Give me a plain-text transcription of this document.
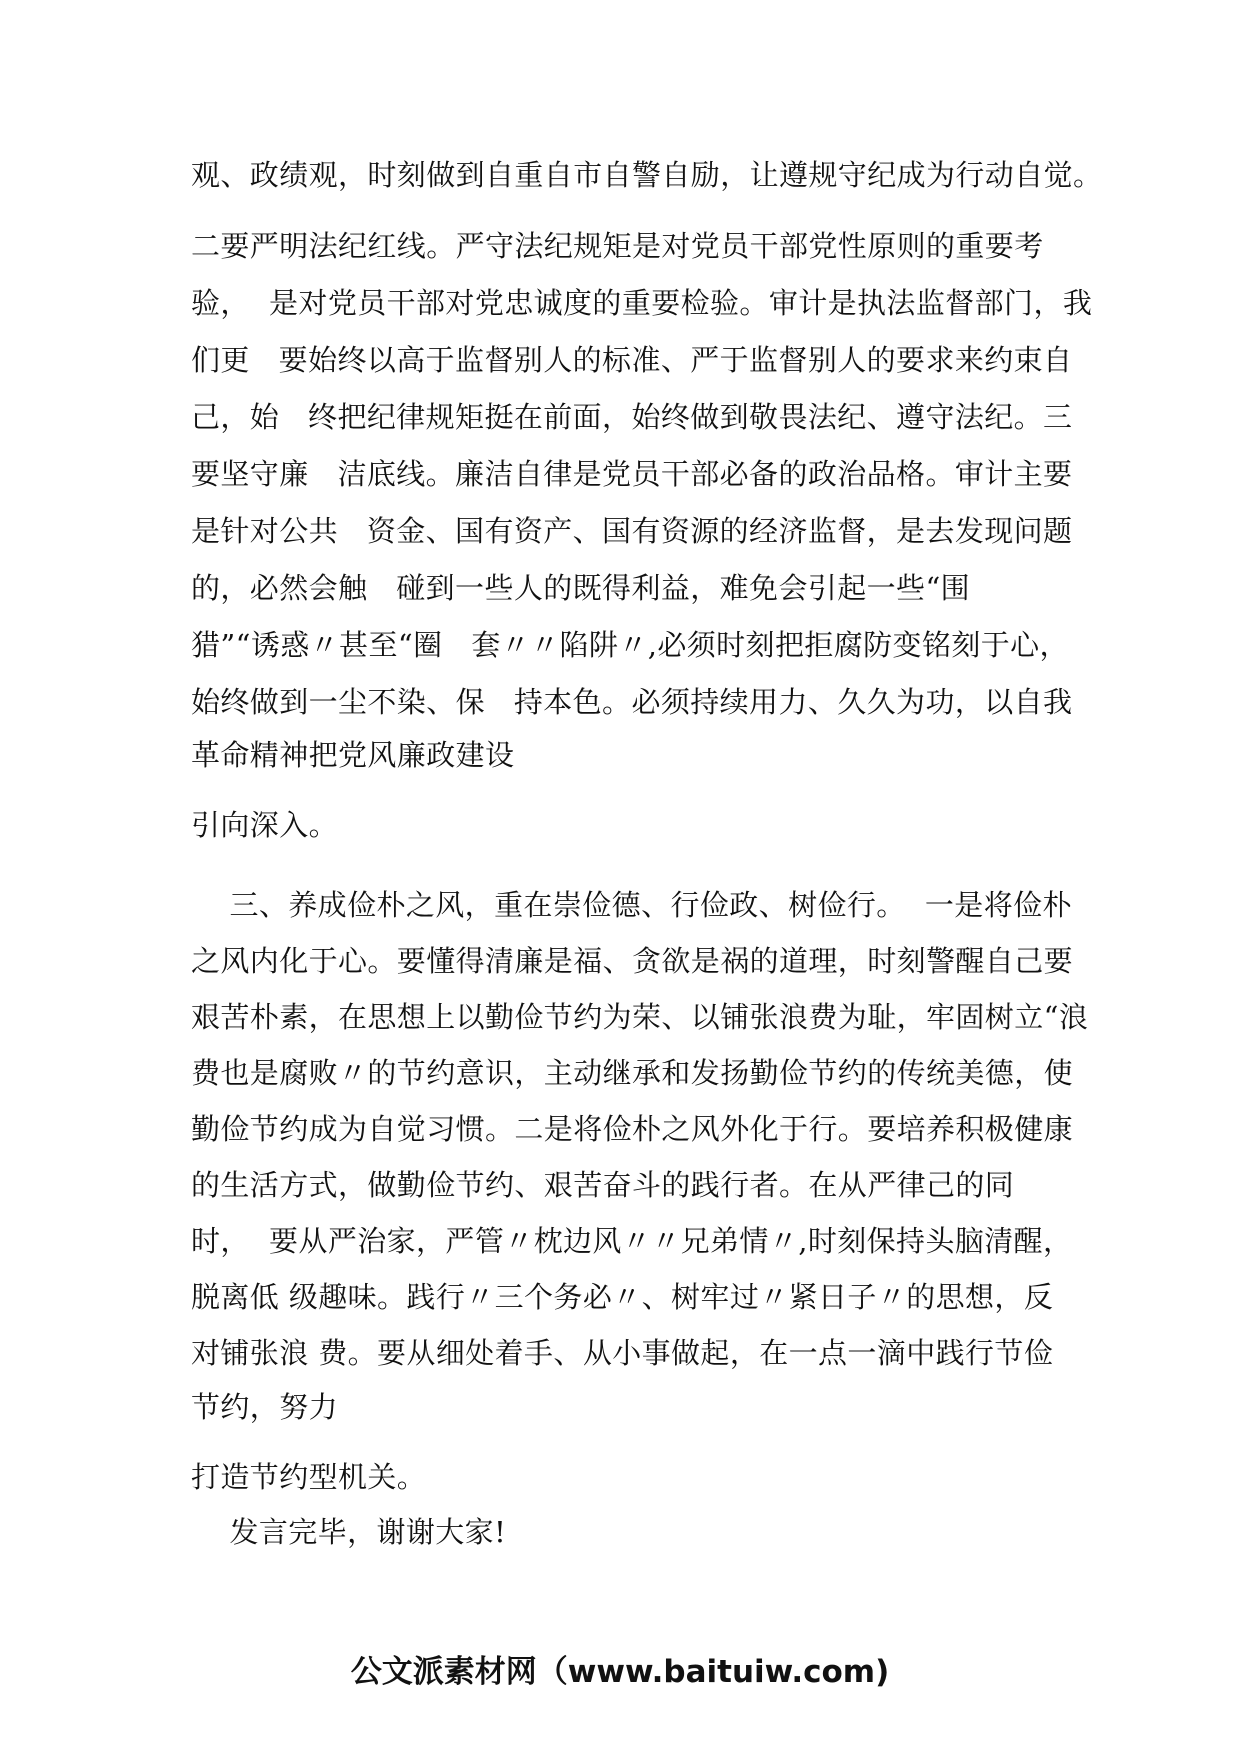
观、政绩观，时刻做到自重自市自警自励，让遵规守纪成为行动自觉。
二要严明法纪红线。严守法纪规矩是对党员干部党性原则的重要考
验，  是对党员干部对党忠诚度的重要检验。审计是执法监督部门，我
们更   要始终以高于监督别人的标准、严于监督别人的要求来约束自
己，始   终把纪律规矩挺在前面，始终做到敬畏法纪、遵守法纪。三
要坚守廉   洁底线。廉洁自律是党员干部必备的政治品格。审计主要
是针对公共   资金、国有资产、国有资源的经济监督，是去发现问题
的，必然会触   碰到一些人的既得利益，难免会引起一些“围
猎”“诱惑〃甚至“圈   套〃〃陷阱〃,必须时刻把拒腐防变铭刻于心，
始终做到一尘不染、保   持本色。必须持续用力、久久为功，以自我
革命精神把党风廉政建设
引向深入。
三、养成俭朴之风，重在崇俭德、行俭政、树俭行。  一是将俭朴
之风内化于心。要懂得清廉是福、贪欲是祸的道理，时刻警醒自己要
艰苦朴素，在思想上以勤俭节约为荣、以铺张浪费为耻，牢固树立“浪
费也是腐败〃的节约意识，主动继承和发扬勤俭节约的传统美德，使
勤俭节约成为自觉习惯。二是将俭朴之风外化于行。要培养积极健康
的生活方式，做勤俭节约、艰苦奋斗的践行者。在从严律己的同
时，  要从严治家，严管〃枕边风〃〃兄弟情〃,时刻保持头脑清醒，
脱离低 级趣味。践行〃三个务必〃、树牢过〃紧日子〃的思想，反
对铺张浪 费。要从细处着手、从小事做起，在一点一滴中践行节俭
节约，努力
打造节约型机关。
发言完毕，谢谢大家!
公文派素材网（www.baituiw.com)
